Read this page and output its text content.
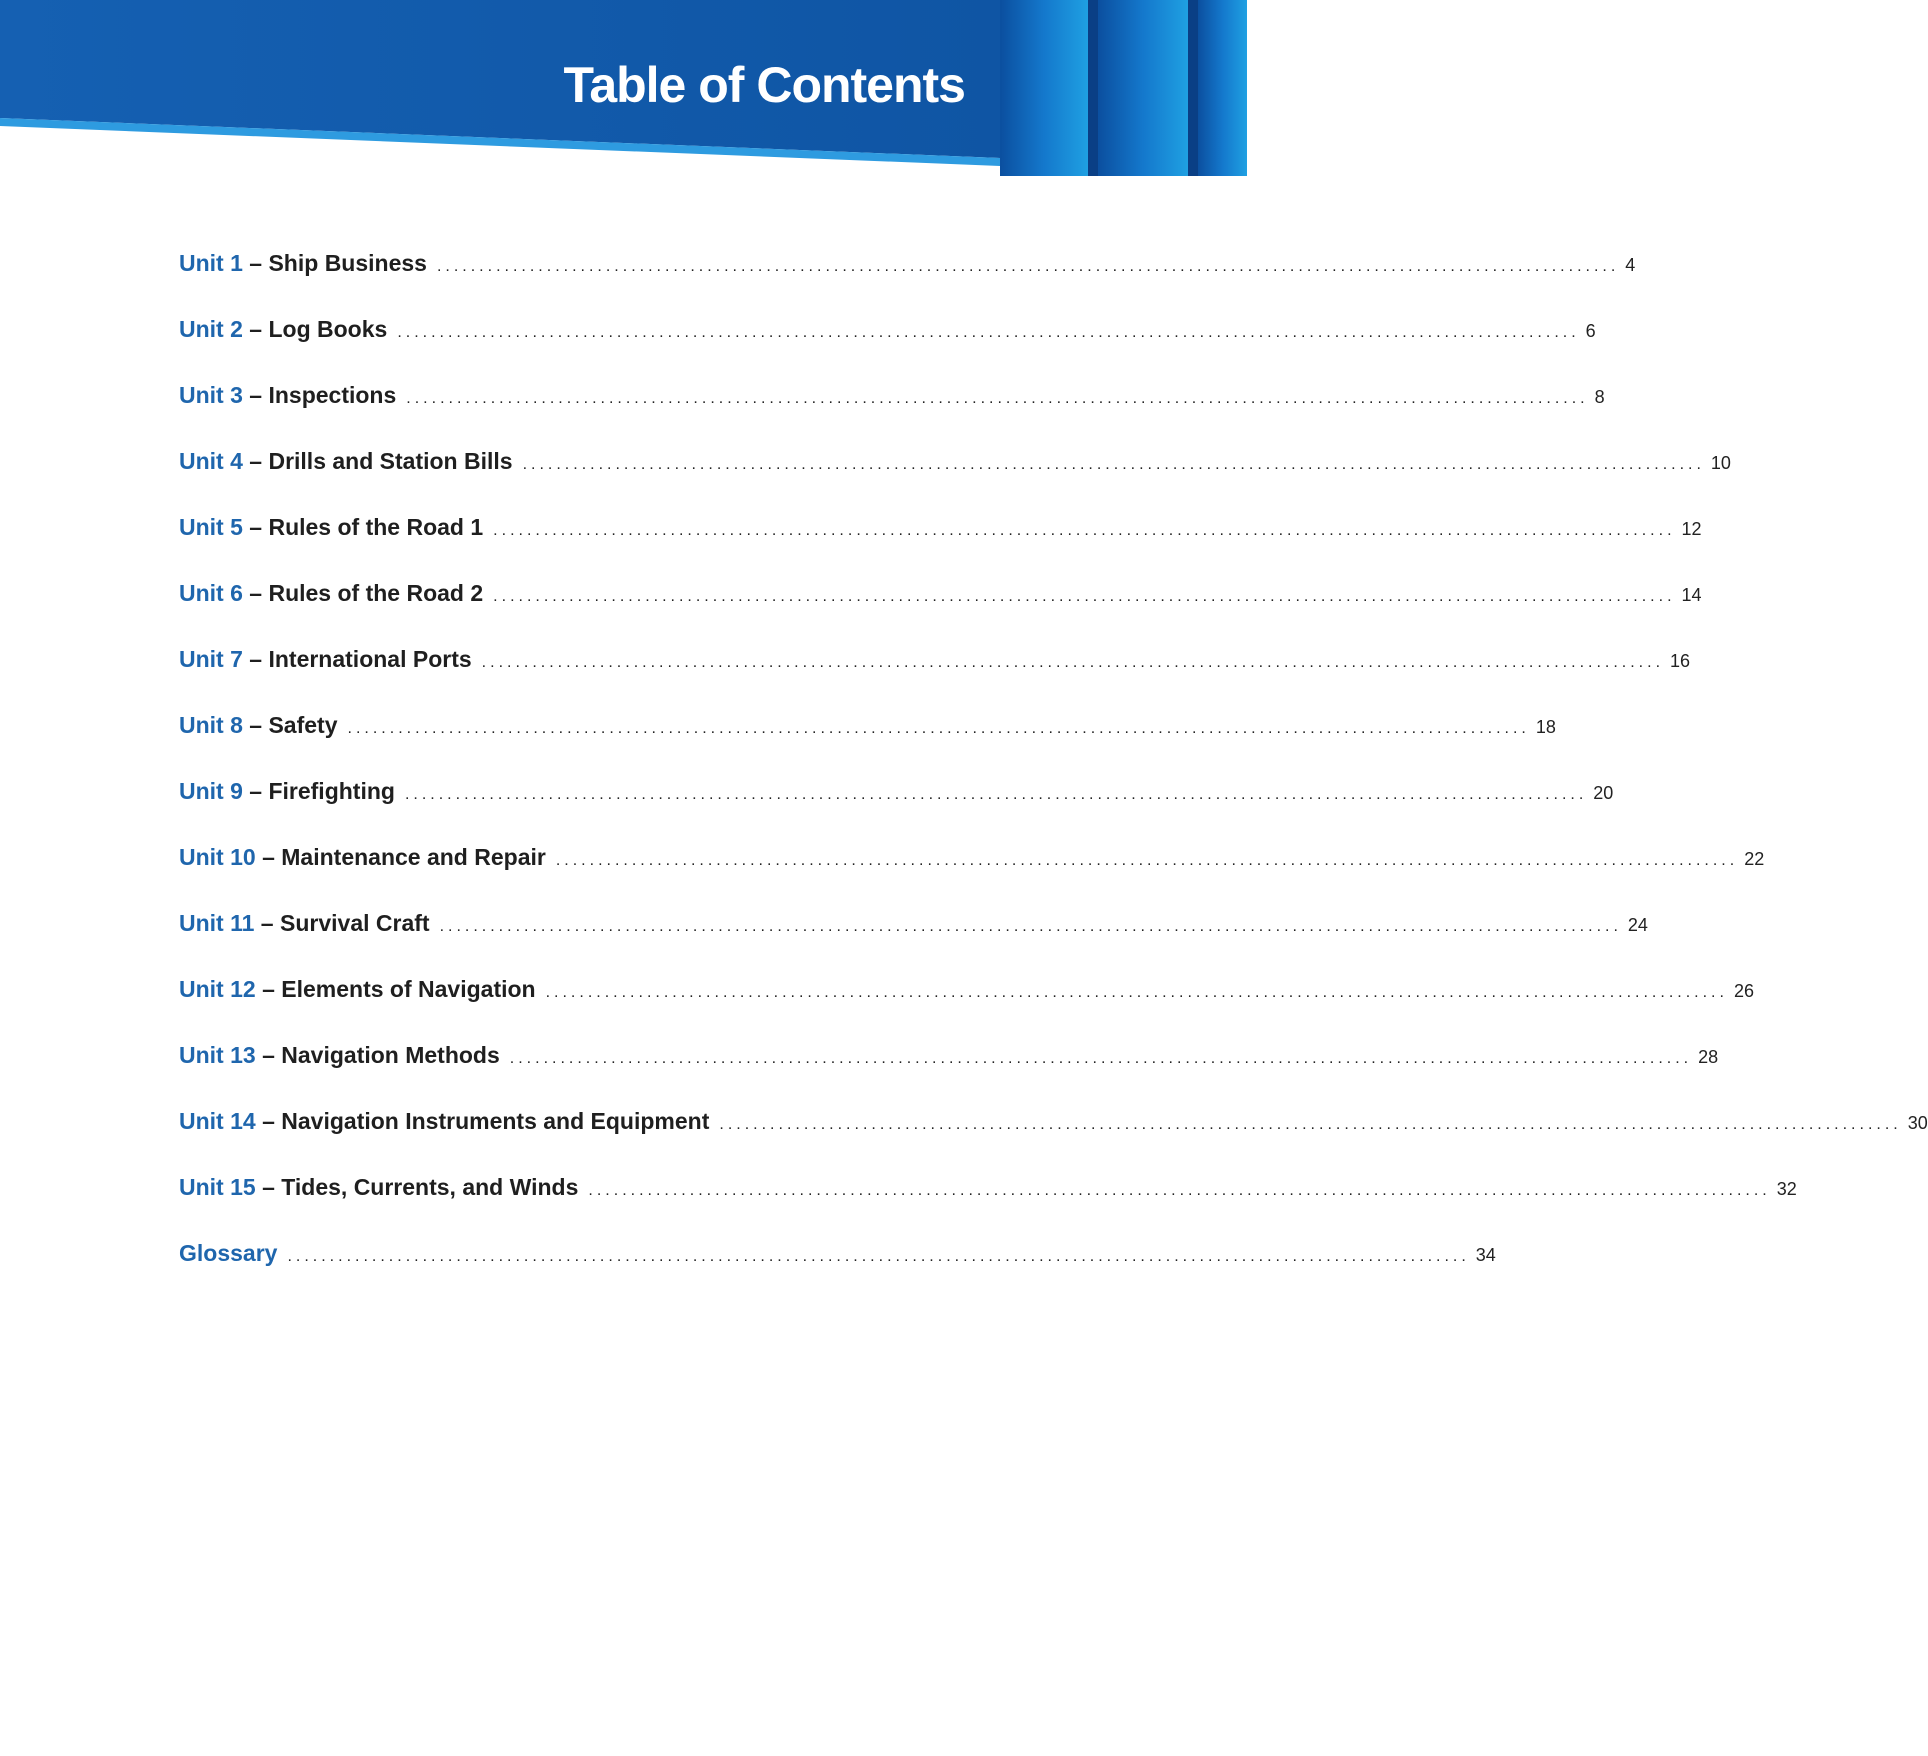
Table of Contents
Unit 1 – Ship Business ............................................................................................................................................ 4
Unit 2 – Log Books ............................................................................................................................................ 6
Unit 3 – Inspections ............................................................................................................................................ 8
Unit 4 – Drills and Station Bills ............................................................................................................................................ 10
Unit 5 – Rules of the Road 1 ............................................................................................................................................ 12
Unit 6 – Rules of the Road 2 ............................................................................................................................................ 14
Unit 7 – International Ports ............................................................................................................................................ 16
Unit 8 – Safety ............................................................................................................................................ 18
Unit 9 – Firefighting ............................................................................................................................................ 20
Unit 10 – Maintenance and Repair ............................................................................................................................................ 22
Unit 11 – Survival Craft ............................................................................................................................................ 24
Unit 12 – Elements of Navigation ............................................................................................................................................ 26
Unit 13 – Navigation Methods ............................................................................................................................................ 28
Unit 14 – Navigation Instruments and Equipment ............................................................................................................................................ 30
Unit 15 – Tides, Currents, and Winds ............................................................................................................................................ 32
Glossary ............................................................................................................................................ 34
